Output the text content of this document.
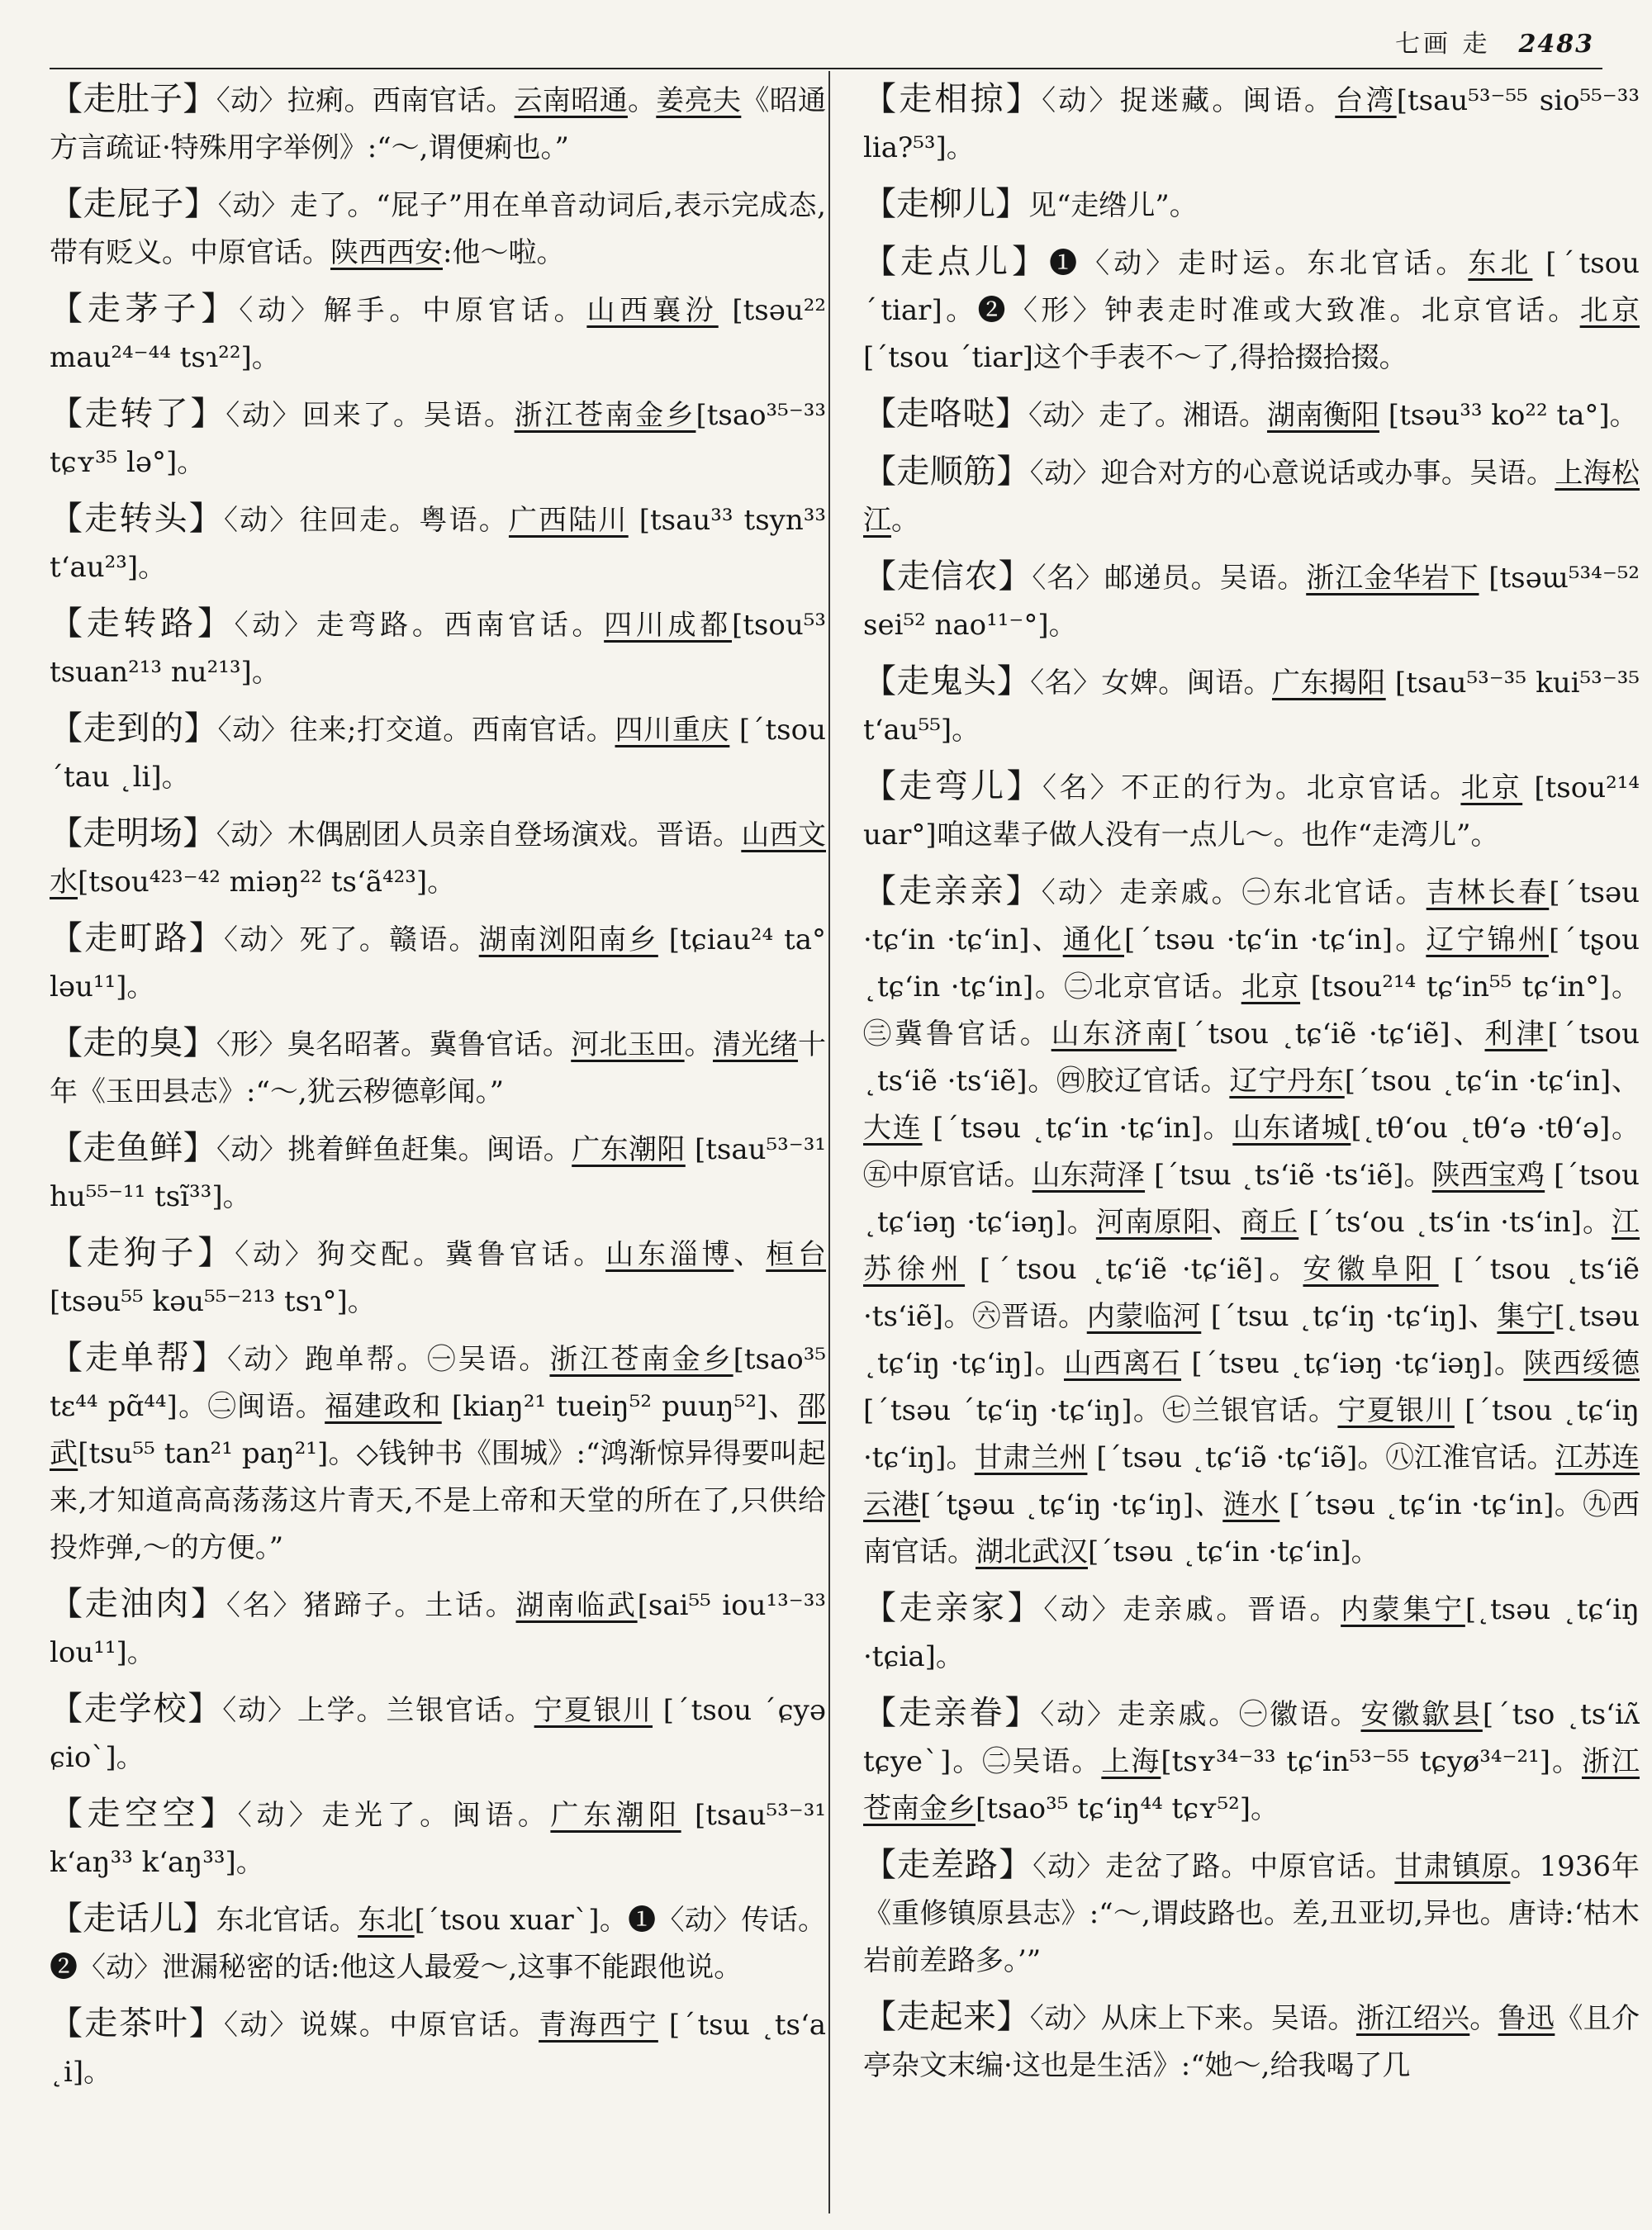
七画 走 2483

【走肚子】〈动〉拉痢。西南官话。云南昭通。姜亮夫《昭通方言疏证·特殊用字举例》:“～,谓便痢也。”

【走屁子】〈动〉走了。“屁子”用在单音动词后,表示完成态,带有贬义。中原官话。陕西西安:他～啦。

【走茅子】〈动〉解手。中原官话。山西襄汾 [tsəu²² mau²⁴⁻⁴⁴ tsɿ²²]。

【走转了】〈动〉回来了。吴语。浙江苍南金乡[tsao³⁵⁻³³ tɕʏ³⁵ lə°]。

【走转头】〈动〉往回走。粤语。广西陆川 [tsau³³ tsyn³³ t‘au²³]。

【走转路】〈动〉走弯路。西南官话。四川成都[tsou⁵³ tsuan²¹³ nu²¹³]。

【走到的】〈动〉往来;打交道。西南官话。四川重庆 [ˊtsou ˊtau ˛li]。

【走明场】〈动〉木偶剧团人员亲自登场演戏。晋语。山西文水[tsou⁴²³⁻⁴² miəŋ²² ts‘ã⁴²³]。

【走町路】〈动〉死了。赣语。湖南浏阳南乡 [tɕiau²⁴ ta° ləu¹¹]。

【走的臭】〈形〉臭名昭著。冀鲁官话。河北玉田。清光绪十年《玉田县志》:“～,犹云秽德彰闻。”

【走鱼鲜】〈动〉挑着鲜鱼赶集。闽语。广东潮阳 [tsau⁵³⁻³¹ hu⁵⁵⁻¹¹ tsĩ³³]。

【走狗子】〈动〉狗交配。冀鲁官话。山东淄博、桓台 [tsəu⁵⁵ kəu⁵⁵⁻²¹³ tsɿ°]。

【走单帮】〈动〉跑单帮。㊀吴语。浙江苍南金乡[tsao³⁵ tɛ⁴⁴ pɑ̃⁴⁴]。㊁闽语。福建政和 [kiaŋ²¹ tueiŋ⁵² puuŋ⁵²]、邵武[tsu⁵⁵ tan²¹ paŋ²¹]。◇钱钟书《围城》:“鸿渐惊异得要叫起来,才知道高高荡荡这片青天,不是上帝和天堂的所在了,只供给投炸弹,～的方便。”

【走油肉】〈名〉猪蹄子。土话。湖南临武[sai⁵⁵ iou¹³⁻³³ lou¹¹]。

【走学校】〈动〉上学。兰银官话。宁夏银川 [ˊtsou ˊɕyə ɕioˋ]。

【走空空】〈动〉走光了。闽语。广东潮阳 [tsau⁵³⁻³¹ k‘aŋ³³ k‘aŋ³³]。

【走话儿】东北官话。东北[ˊtsou xuarˋ]。❶〈动〉传话。❷〈动〉泄漏秘密的话:他这人最爱～,这事不能跟他说。

【走茶叶】〈动〉说媒。中原官话。青海西宁 [ˊtsɯ ˛ts‘a ˛i]。

【走相掠】〈动〉捉迷藏。闽语。台湾[tsau⁵³⁻⁵⁵ sio⁵⁵⁻³³ lia?⁵³]。

【走柳儿】见“走绺儿”。

【走点儿】❶〈动〉走时运。东北官话。东北 [ˊtsou ˊtiar]。❷〈形〉钟表走时准或大致准。北京官话。北京[ˊtsou ˊtiar]这个手表不～了,得拾掇拾掇。

【走咯哒】〈动〉走了。湘语。湖南衡阳 [tsəu³³ ko²² ta°]。

【走顺筋】〈动〉迎合对方的心意说话或办事。吴语。上海松江。

【走信农】〈名〉邮递员。吴语。浙江金华岩下 [tsəɯ⁵³⁴⁻⁵² sei⁵² nao¹¹⁻°]。

【走鬼头】〈名〉女婢。闽语。广东揭阳 [tsau⁵³⁻³⁵ kui⁵³⁻³⁵ t‘au⁵⁵]。

【走弯儿】〈名〉不正的行为。北京官话。北京 [tsou²¹⁴ uar°]咱这辈子做人没有一点儿～。也作“走湾儿”。

【走亲亲】〈动〉走亲戚。㊀东北官话。吉林长春[ˊtsəu ·tɕ‘in ·tɕ‘in]、通化[ˊtsəu ·tɕ‘in ·tɕ‘in]。辽宁锦州[ˊtʂou ˛tɕ‘in ·tɕ‘in]。㊁北京官话。北京 [tsou²¹⁴ tɕ‘in⁵⁵ tɕ‘in°]。㊂冀鲁官话。山东济南[ˊtsou ˛tɕ‘iẽ ·tɕ‘iẽ]、利津[ˊtsou ˛ts‘iẽ ·ts‘iẽ]。㊃胶辽官话。辽宁丹东[ˊtsou ˛tɕ‘in ·tɕ‘in]、大连 [ˊtsəu ˛tɕ‘in ·tɕ‘in]。山东诸城[˛tθ‘ou ˛tθ‘ə ·tθ‘ə]。㊄中原官话。山东菏泽 [ˊtsɯ ˛ts‘iẽ ·ts‘iẽ]。陕西宝鸡 [ˊtsou ˛tɕ‘iəŋ ·tɕ‘iəŋ]。河南原阳、商丘 [ˊts‘ou ˛ts‘in ·ts‘in]。江苏徐州 [ˊtsou ˛tɕ‘iẽ ·tɕ‘iẽ]。安徽阜阳 [ˊtsou ˛ts‘iẽ ·ts‘iẽ]。㊅晋语。内蒙临河 [ˊtsɯ ˛tɕ‘iŋ ·tɕ‘iŋ]、集宁[˛tsəu ˛tɕ‘iŋ ·tɕ‘iŋ]。山西离石 [ˊtsɐu ˛tɕ‘iəŋ ·tɕ‘iəŋ]。陕西绥德[ˊtsəu ˊtɕ‘iŋ ·tɕ‘iŋ]。㊆兰银官话。宁夏银川 [ˊtsou ˛tɕ‘iŋ ·tɕ‘iŋ]。甘肃兰州 [ˊtsəu ˛tɕ‘iə̃ ·tɕ‘iə̃]。㊇江淮官话。江苏连云港[ˊtʂəɯ ˛tɕ‘iŋ ·tɕ‘iŋ]、涟水 [ˊtsəu ˛tɕ‘in ·tɕ‘in]。㊈西南官话。湖北武汉[ˊtsəu ˛tɕ‘in ·tɕ‘in]。

【走亲家】〈动〉走亲戚。晋语。内蒙集宁[˛tsəu ˛tɕ‘iŋ ·tɕia]。

【走亲眷】〈动〉走亲戚。㊀徽语。安徽歙县[ˊtso ˛ts‘iʌ̃ tɕyeˋ]。㊁吴语。上海[tsʏ³⁴⁻³³ tɕ‘in⁵³⁻⁵⁵ tɕyø³⁴⁻²¹]。浙江苍南金乡[tsao³⁵ tɕ‘iŋ⁴⁴ tɕʏ⁵²]。

【走差路】〈动〉走岔了路。中原官话。甘肃镇原。1936年《重修镇原县志》:“～,谓歧路也。差,丑亚切,异也。唐诗:‘枯木岩前差路多。’”

【走起来】〈动〉从床上下来。吴语。浙江绍兴。鲁迅《且介亭杂文末编·这也是生活》:“她～,给我喝了几
